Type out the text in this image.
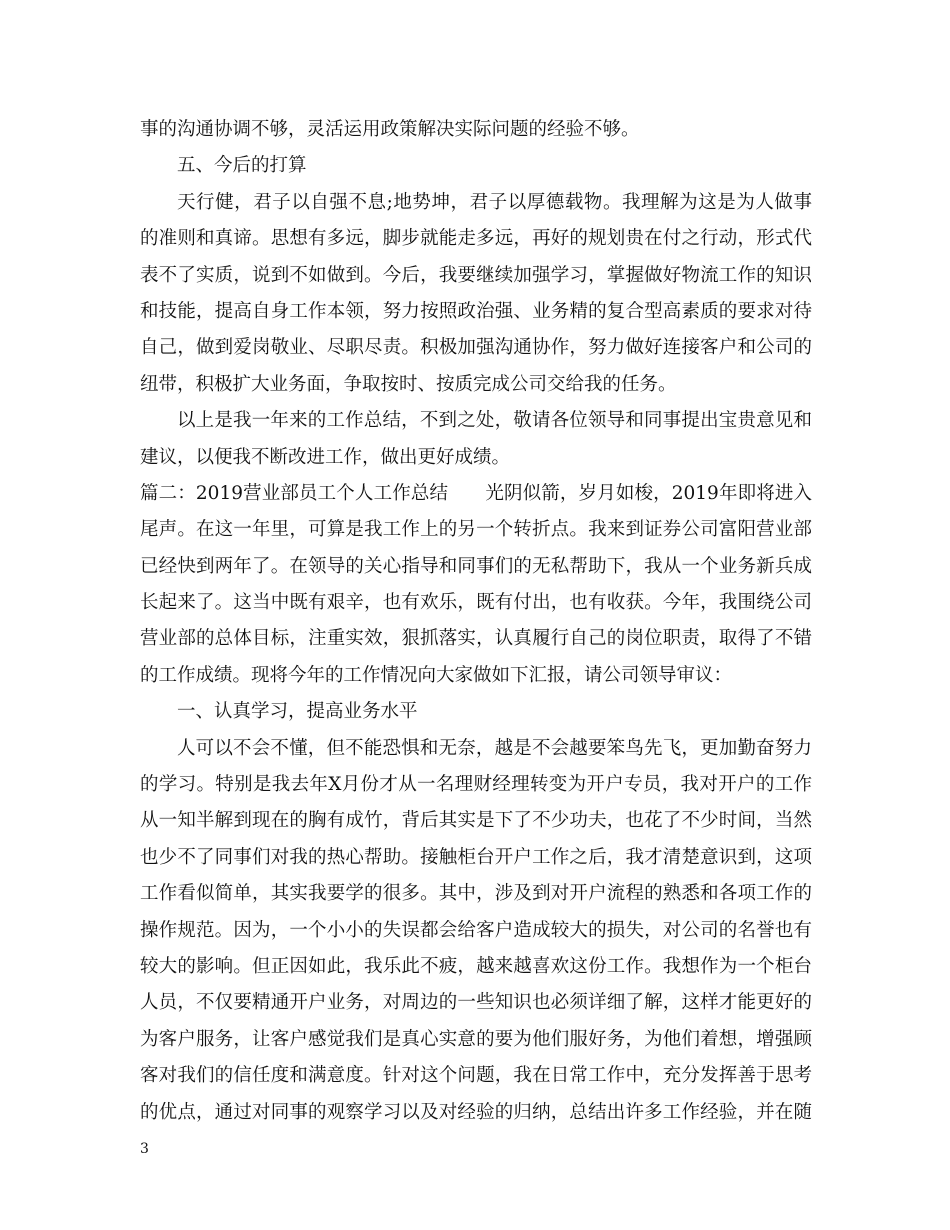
事的沟通协调不够，灵活运用政策解决实际问题的经验不够。
五、今后的打算
天行健，君子以自强不息;地势坤，君子以厚德载物。我理解为这是为人做事
的准则和真谛。思想有多远，脚步就能走多远，再好的规划贵在付之行动，形式代
表不了实质，说到不如做到。今后，我要继续加强学习，掌握做好物流工作的知识
和技能，提高自身工作本领，努力按照政治强、业务精的复合型高素质的要求对待
自己，做到爱岗敬业、尽职尽责。积极加强沟通协作，努力做好连接客户和公司的
纽带，积极扩大业务面，争取按时、按质完成公司交给我的任务。
以上是我一年来的工作总结，不到之处，敬请各位领导和同事提出宝贵意见和
建议，以便我不断改进工作，做出更好成绩。
篇二：2019营业部员工个人工作总结　　光阴似箭，岁月如梭，2019年即将进入
尾声。在这一年里，可算是我工作上的另一个转折点。我来到证券公司富阳营业部
已经快到两年了。在领导的关心指导和同事们的无私帮助下，我从一个业务新兵成
长起来了。这当中既有艰辛，也有欢乐，既有付出，也有收获。今年，我围绕公司
营业部的总体目标，注重实效，狠抓落实，认真履行自己的岗位职责，取得了不错
的工作成绩。现将今年的工作情况向大家做如下汇报，请公司领导审议：
一、认真学习，提高业务水平
人可以不会不懂，但不能恐惧和无奈，越是不会越要笨鸟先飞，更加勤奋努力
的学习。特别是我去年X月份才从一名理财经理转变为开户专员，我对开户的工作
从一知半解到现在的胸有成竹，背后其实是下了不少功夫，也花了不少时间，当然
也少不了同事们对我的热心帮助。接触柜台开户工作之后，我才清楚意识到，这项
工作看似简单，其实我要学的很多。其中，涉及到对开户流程的熟悉和各项工作的
操作规范。因为，一个小小的失误都会给客户造成较大的损失，对公司的名誉也有
较大的影响。但正因如此，我乐此不疲，越来越喜欢这份工作。我想作为一个柜台
人员，不仅要精通开户业务，对周边的一些知识也必须详细了解，这样才能更好的
为客户服务，让客户感觉我们是真心实意的要为他们服好务，为他们着想，增强顾
客对我们的信任度和满意度。针对这个问题，我在日常工作中，充分发挥善于思考
的优点，通过对同事的观察学习以及对经验的归纳，总结出许多工作经验，并在随
3
